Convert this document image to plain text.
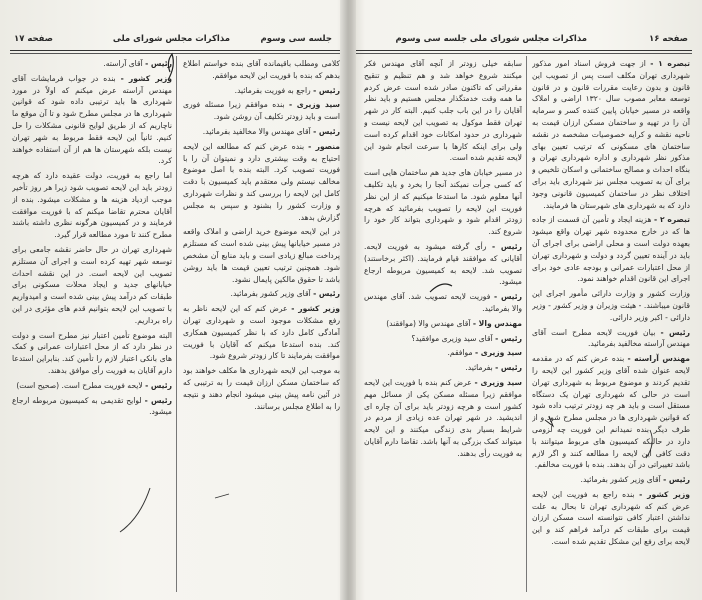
صفحه ۱۷	مذاکرات مجلس شورای ملی	جلسه سی وسوم

کلامی ومطلب باقیمانده آقای بنده خواستم اطلاع بدهم که بنده با فوریت این لایحه موافقم.

رئیس - راجع به فوریت بفرمائید.

سید وزیری - بنده موافقم زیرا مسئله فوری است و باید زودتر تکلیف آن روشن شود.

رئیس - آقای مهندس والا مخالفید بفرمائید.

منصور - بنده عرض کنم که مطالعه این لایحه احتیاج به وقت بیشتری دارد و نمیتوان آن را با فوریت تصویب کرد. البته بنده با اصل موضوع مخالف نیستم ولی معتقدم باید کمیسیون با دقت کامل این لایحه را بررسی کند و نظرات شهرداری و وزارت کشور را بشنود و سپس به مجلس گزارش بدهد.

در این لایحه موضوع خرید اراضی و املاک واقعه در مسیر خیابانها پیش بینی شده است که مستلزم پرداخت مبالغ زیادی است و باید منابع آن مشخص شود. همچنین ترتیب تعیین قیمت ها باید روشن باشد تا حقوق مالکین پایمال نشود.

رئیس - آقای وزیر کشور بفرمائید.

وزیر کشور - عرض کنم که این لایحه ناظر به رفع مشکلات موجود است و شهرداری تهران آمادگی کامل دارد که با نظر کمیسیون همکاری کند. بنده استدعا میکنم که آقایان با فوریت موافقت بفرمایند تا کار زودتر شروع شود.

به موجب این لایحه شهرداری ها مکلف خواهند بود که ساختمان مسکن ارزان قیمت را به ترتیبی که در آئین نامه پیش بینی میشود انجام دهند و نتیجه را به اطلاع مجلس برسانند.

رئیس - آقای آراسته.

وزیر کشور - بنده در جواب فرمایشات آقای مهندس آراسته عرض میکنم که اولاً در مورد شهرداری ها باید ترتیبی داده شود که قوانین شهرداری ها در مجلس مطرح شود و تا آن موقع ما ناچاریم که از طریق لوایح قانونی مشکلات را حل کنیم. ثانیاً این لایحه فقط مربوط به شهر تهران نیست بلکه شهرستان ها هم از آن استفاده خواهند کرد.

اما راجع به فوریت، دولت عقیده دارد که هرچه زودتر باید این لایحه تصویب شود زیرا هر روز تأخیر موجب ازدیاد هزینه ها و مشکلات میشود. بنده از آقایان محترم تقاضا میکنم که با فوریت موافقت فرمایند و در کمیسیون هرگونه نظری داشته باشند مطرح کنند تا مورد مطالعه قرار گیرد.

شهرداری تهران در حال حاضر نقشه جامعی برای توسعه شهر تهیه کرده است و اجرای آن مستلزم تصویب این لایحه است. در این نقشه احداث خیابانهای جدید و ایجاد محلات مسکونی برای طبقات کم درآمد پیش بینی شده است و امیدواریم با تصویب این لایحه بتوانیم قدم های مؤثری در این راه برداریم.

البته موضوع تأمین اعتبار نیز مطرح است و دولت در نظر دارد که از محل اعتبارات عمرانی و کمک های بانکی اعتبار لازم را تأمین کند. بنابراین استدعا دارم آقایان به فوریت رأی موافق بدهند.

رئیس - لایحه فوریت مطرح است. (صحیح است)

رئیس - لوایح تقدیمی به کمیسیون مربوطه ارجاع میشود.

صفحه ۱۶
مذاکرات مجلس شورای ملی
جلسه سی وسوم

تبصره ۱ - از جهت فروش اسناد امور مذکور شهرداری تهران مکلف است پس از تصویب این قانون و بدون رعایت مقررات قانون و در قانون توسعه معابر مصوب سال ۱۳۲۰ اراضی و املاک واقعه در مسیر خیابان پایین کننده کسر و سرمایه آن را در تهیه و ساختمان مسکن ارزان قیمت به ناحیه نقشه و کرایه خصوصیات مشخصه در نقشه ساختمان های مسکونی که ترتیب تعیین بهای مذکور نظر شهرداری و اداره شهرداری تهران و بنگاه احداث و مصالح ساختمانی و اسکان تلخیص و برای آن به تصویب مجلس نیز شهرداری باید برای اختلاف نظر در ساختمان کمیسیون قانونی وجود دارد که به شهرداری های شهرستان ها فرمایند.

تبصره ۲ - هزینه ایجاد و تأمین آن قسمت از جاده ها که در خارج محدوده شهر تهران واقع میشود بعهده دولت است و محلی اراضی برای اجرای آن باید در آینده تعیین گردد و دولت و شهرداری تهران از محل اعتبارات عمرانی و بودجه عادی خود برای اجرای این قانون اقدام خواهند نمود.

وزارت کشور و وزارت دارائی مأمور اجرای این قانون میباشند. - هیئت وزیران و وزیر کشور - وزیر دارائی - اکبر وزیر دارائی.

رئیس - بیان فوریت لایحه مطرح است آقای مهندس آراسته مخالفید بفرمائید.

مهندس آراسته - بنده عرض کنم که در مقدمه لایحه عنوان شده آقای وزیر کشور این لایحه را تقدیم کردند و موضوع مربوط به شهرداری تهران است در حالی که شهرداری تهران یک دستگاه مستقل است و باید هر چه زودتر ترتیب داده شود که قوانین شهرداری ها در مجلس مطرح شود و از طرف دیگر بنده نمیدانم این فوریت چه لزومی دارد در حالیکه کمیسیون های مربوط میتوانند با دقت کافی این لایحه را مطالعه کنند و اگر لازم باشد تغییراتی در آن بدهند. بنده با فوریت مخالفم.

رئیس - آقای وزیر کشور بفرمائید.

وزیر کشور - بنده راجع به فوریت این لایحه عرض کنم که شهرداری تهران تا بحال به علت نداشتن اعتبار کافی نتوانسته است مسکن ارزان قیمت برای طبقات کم درآمد فراهم کند و این لایحه برای رفع این مشکل تقدیم شده است.

سابقه خیلی زودتر از آنچه آقای مهندس فکر میکنند شروع خواهد شد و هم تنظیم و تنقیح مقرراتی که تاکنون صادر شده است عرض کردم ما همه وقت خدمتگذار مجلس هستیم و باید نظر آقایان را در این باب جلب کنیم. البته کار در شهر تهران فقط موکول به تصویب این لایحه نیست و شهرداری در حدود امکانات خود اقدام کرده است ولی برای اینکه کارها با سرعت انجام شود این لایحه تقدیم شده است.

در مسیر خیابان های جدید هم ساختمان هایی است که کسی جرأت نمیکند آنجا را بخرد و باید تکلیف آنها معلوم شود. ما استدعا میکنیم که از این نظر فوریت این لایحه را تصویب بفرمائید که هرچه زودتر اقدام شود و شهرداری بتواند کار خود را شروع کند.

رئیس - رأی گرفته میشود به فوریت لایحه. آقایانی که موافقند قیام فرمایند. (اکثر برخاستند) تصویب شد. لایحه به کمیسیون مربوطه ارجاع میشود.

رئیس - فوریت لایحه تصویب شد. آقای مهندس والا بفرمائید.

مهندس والا - آقای مهندس والا (موافقند)

رئیس - آقای سید وزیری موافقید؟

سید وزیری - موافقم.

رئیس - بفرمائید.

سید وزیری - عرض کنم بنده با فوریت این لایحه موافقم زیرا مسئله مسکن یکی از مسائل مهم کشور است و هرچه زودتر باید برای آن چاره ای اندیشید. در شهر تهران عده زیادی از مردم در شرایط بسیار بدی زندگی میکنند و این لایحه میتواند کمک بزرگی به آنها باشد. تقاضا دارم آقایان به فوریت رأی بدهند.
